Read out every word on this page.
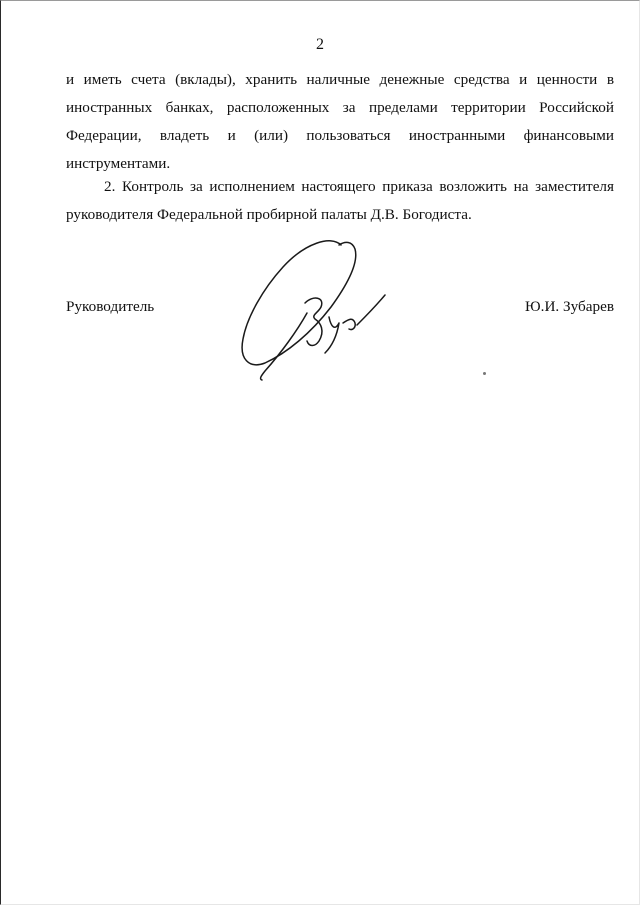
2

и иметь счета (вклады), хранить наличные денежные средства и ценности в иностранных банках, расположенных за пределами территории Российской Федерации, владеть и (или) пользоваться иностранными финансовыми инструментами.

2. Контроль за исполнением настоящего приказа возложить на заместителя руководителя Федеральной пробирной палаты Д.В. Богодиста.

Руководитель	Ю.И. Зубарев
